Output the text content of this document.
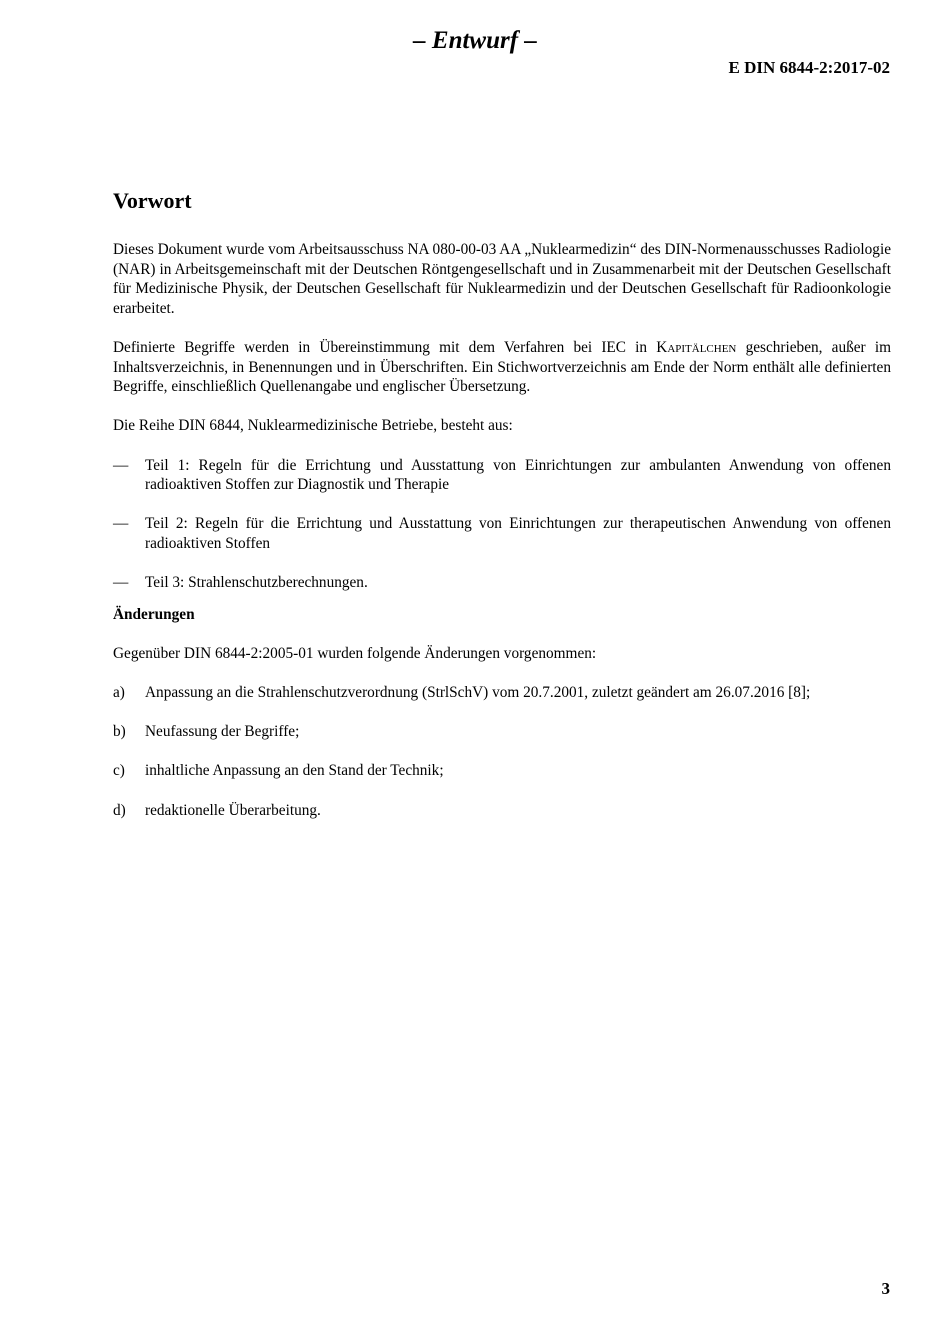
– Entwurf –
E DIN 6844-2:2017-02
Vorwort

Dieses Dokument wurde vom Arbeitsausschuss NA 080-00-03 AA „Nuklearmedizin“ des DIN-Normenausschusses Radiologie (NAR) in Arbeitsgemeinschaft mit der Deutschen Röntgengesellschaft und in Zusammenarbeit mit der Deutschen Gesellschaft für Medizinische Physik, der Deutschen Gesellschaft für Nuklearmedizin und der Deutschen Gesellschaft für Radioonkologie erarbeitet.

Definierte Begriffe werden in Übereinstimmung mit dem Verfahren bei IEC in Kapitälchen geschrieben, außer im Inhaltsverzeichnis, in Benennungen und in Überschriften. Ein Stichwortverzeichnis am Ende der Norm enthält alle definierten Begriffe, einschließlich Quellenangabe und englischer Übersetzung.

Die Reihe DIN 6844, Nuklearmedizinische Betriebe, besteht aus:

—	Teil 1: Regeln für die Errichtung und Ausstattung von Einrichtungen zur ambulanten Anwendung von offenen radioaktiven Stoffen zur Diagnostik und Therapie
—	Teil 2: Regeln für die Errichtung und Ausstattung von Einrichtungen zur therapeutischen Anwendung von offenen radioaktiven Stoffen
—	Teil 3: Strahlenschutzberechnungen.
Änderungen

Gegenüber DIN 6844-2:2005-01 wurden folgende Änderungen vorgenommen:

a)	Anpassung an die Strahlenschutzverordnung (StrlSchV) vom 20.7.2001, zuletzt geändert am 26.07.2016 [8];
b)	Neufassung der Begriffe;
c)	inhaltliche Anpassung an den Stand der Technik;
d)	redaktionelle Überarbeitung.
3
